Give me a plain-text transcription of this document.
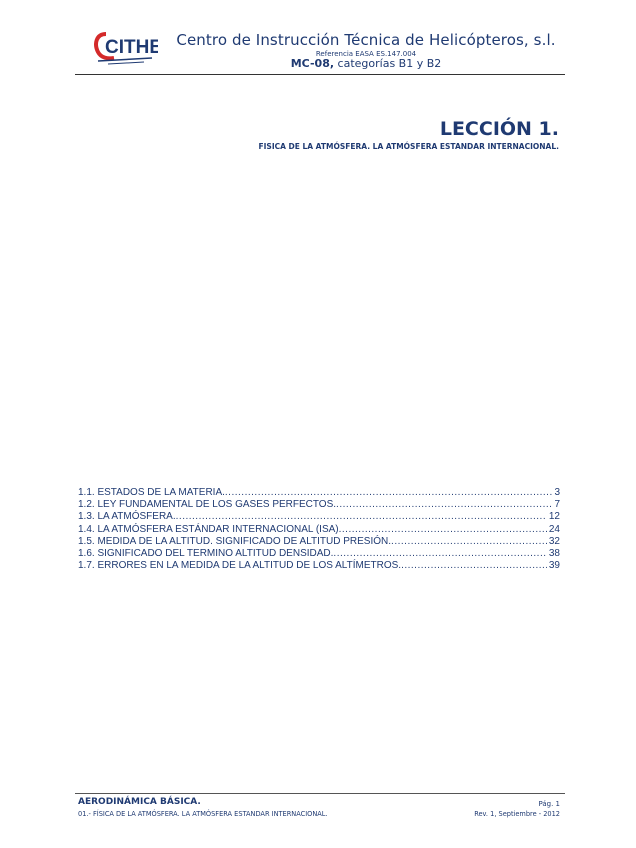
CITHE Centro de Instrucción Técnica de Helicópteros, s.l.
Referencia EASA ES.147.004
MC-08, categorías B1 y B2
LECCIÓN 1.
FISICA DE LA ATMÓSFERA. LA ATMÓSFERA ESTANDAR INTERNACIONAL.
1.1. ESTADOS DE LA MATERIA. .....	3
1.2. LEY FUNDAMENTAL DE LOS GASES PERFECTOS. .....	7
1.3. LA ATMÓSFERA. .....	12
1.4. LA ATMÓSFERA ESTÁNDAR INTERNACIONAL (ISA) .....	24
1.5. MEDIDA DE LA ALTITUD. SIGNIFICADO DE ALTITUD PRESIÓN. .....	32
1.6. SIGNIFICADO DEL TERMINO ALTITUD DENSIDAD. .....	38
1.7. ERRORES EN LA MEDIDA DE LA ALTITUD DE LOS ALTÍMETROS. .....	39
AERODINÁMICA BÁSICA.
01.- FÍSICA DE LA ATMÓSFERA. LA ATMÓSFERA ESTANDAR INTERNACIONAL.
Pág. 1
Rev. 1, Septiembre - 2012
